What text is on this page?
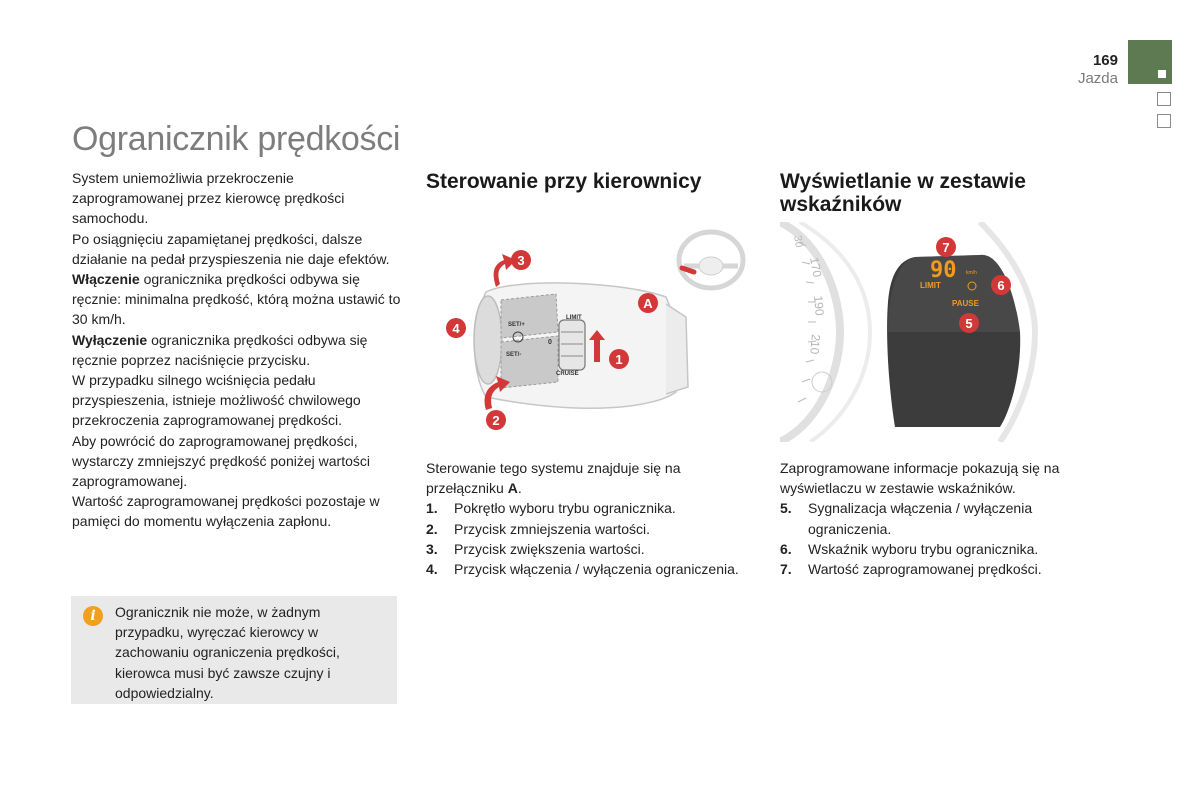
169
Jazda
Ogranicznik prędkości

System uniemożliwia przekroczenie zaprogramowanej przez kierowcę prędkości samochodu.

Po osiągnięciu zapamiętanej prędkości, dalsze działanie na pedał przyspieszenia nie daje efektów.

Włączenie ogranicznika prędkości odbywa się ręcznie: minimalna prędkość, którą można ustawić to 30 km/h.

Wyłączenie ogranicznika prędkości odbywa się ręcznie poprzez naciśnięcie przycisku.

W przypadku silnego wciśnięcia pedału przyspieszenia, istnieje możliwość chwilowego przekroczenia zaprogramowanej prędkości.

Aby powrócić do zaprogramowanej prędkości, wystarczy zmniejszyć prędkość poniżej wartości zaprogramowanej.

Wartość zaprogramowanej prędkości pozostaje w pamięci do momentu wyłączenia zapłonu.

i	Ogranicznik nie może, w żadnym przypadku, wyręczać kierowcy w zachowaniu ograniczenia prędkości, kierowca musi być zawsze czujny i odpowiedzialny.
Sterowanie przy kierownicy
SET/+
SET/-
LIMIT
CRUISE
0
1
2
3
4
A

Sterowanie tego systemu znajduje się na przełączniku A.

1. Pokrętło wyboru trybu ogranicznika.
2. Przycisk zmniejszenia wartości.
3. Przycisk zwiększenia wartości.
4. Przycisk włączenia / wyłączenia ograniczenia.
Wyświetlanie w zestawie wskaźników
30
170
190
210
90 km/h
LIMIT
PAUSE
7
6
5

Zaprogramowane informacje pokazują się na wyświetlaczu w zestawie wskaźników.

5. Sygnalizacja włączenia / wyłączenia ograniczenia.
6. Wskaźnik wyboru trybu ogranicznika.
7. Wartość zaprogramowanej prędkości.
